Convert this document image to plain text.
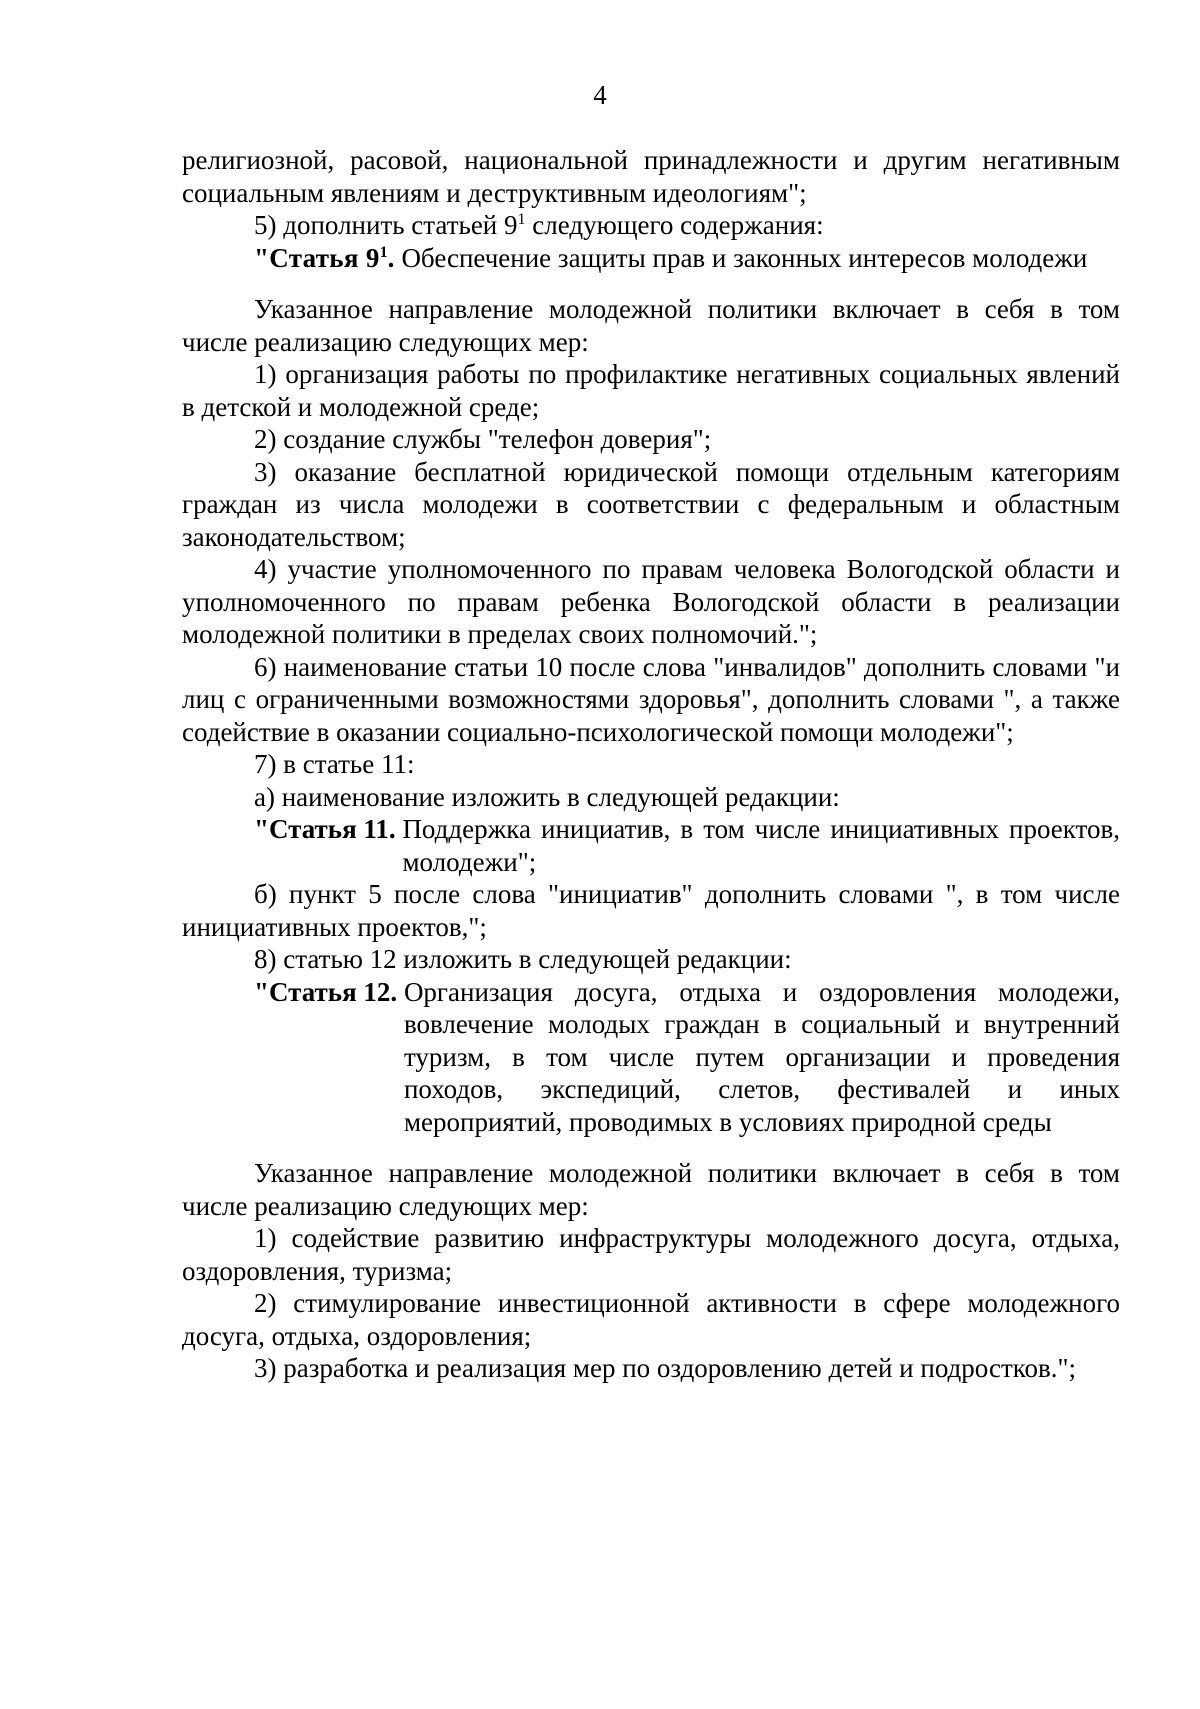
4

религиозной, расовой, национальной принадлежности и другим негативным социальным явлениям и деструктивным идеологиям";

5) дополнить статьей $9^1$ следующего содержания:

"Статья $9^1$. Обеспечение защиты прав и законных интересов молодежи

Указанное направление молодежной политики включает в себя в том числе реализацию следующих мер:

1) организация работы по профилактике негативных социальных явлений в детской и молодежной среде;

2) создание службы "телефон доверия";

3) оказание бесплатной юридической помощи отдельным категориям граждан из числа молодежи в соответствии с федеральным и областным законодательством;

4) участие уполномоченного по правам человека Вологодской области и уполномоченного по правам ребенка Вологодской области в реализации молодежной политики в пределах своих полномочий.";

6) наименование статьи 10 после слова "инвалидов" дополнить словами "и лиц с ограниченными возможностями здоровья", дополнить словами ", а также содействие в оказании социально-психологической помощи молодежи";

7) в статье 11:

а) наименование изложить в следующей редакции:

"Статья 11. Поддержка инициатив, в том числе инициативных проектов, молодежи";

б) пункт 5 после слова "инициатив" дополнить словами ", в том числе инициативных проектов,";

8) статью 12 изложить в следующей редакции:

"Статья 12. Организация досуга, отдыха и оздоровления молодежи, вовлечение молодых граждан в социальный и внутренний туризм, в том числе путем организации и проведения походов, экспедиций, слетов, фестивалей и иных мероприятий, проводимых в условиях природной среды

Указанное направление молодежной политики включает в себя в том числе реализацию следующих мер:

1) содействие развитию инфраструктуры молодежного досуга, отдыха, оздоровления, туризма;

2) стимулирование инвестиционной активности в сфере молодежного досуга, отдыха, оздоровления;

3) разработка и реализация мер по оздоровлению детей и подростков.";
